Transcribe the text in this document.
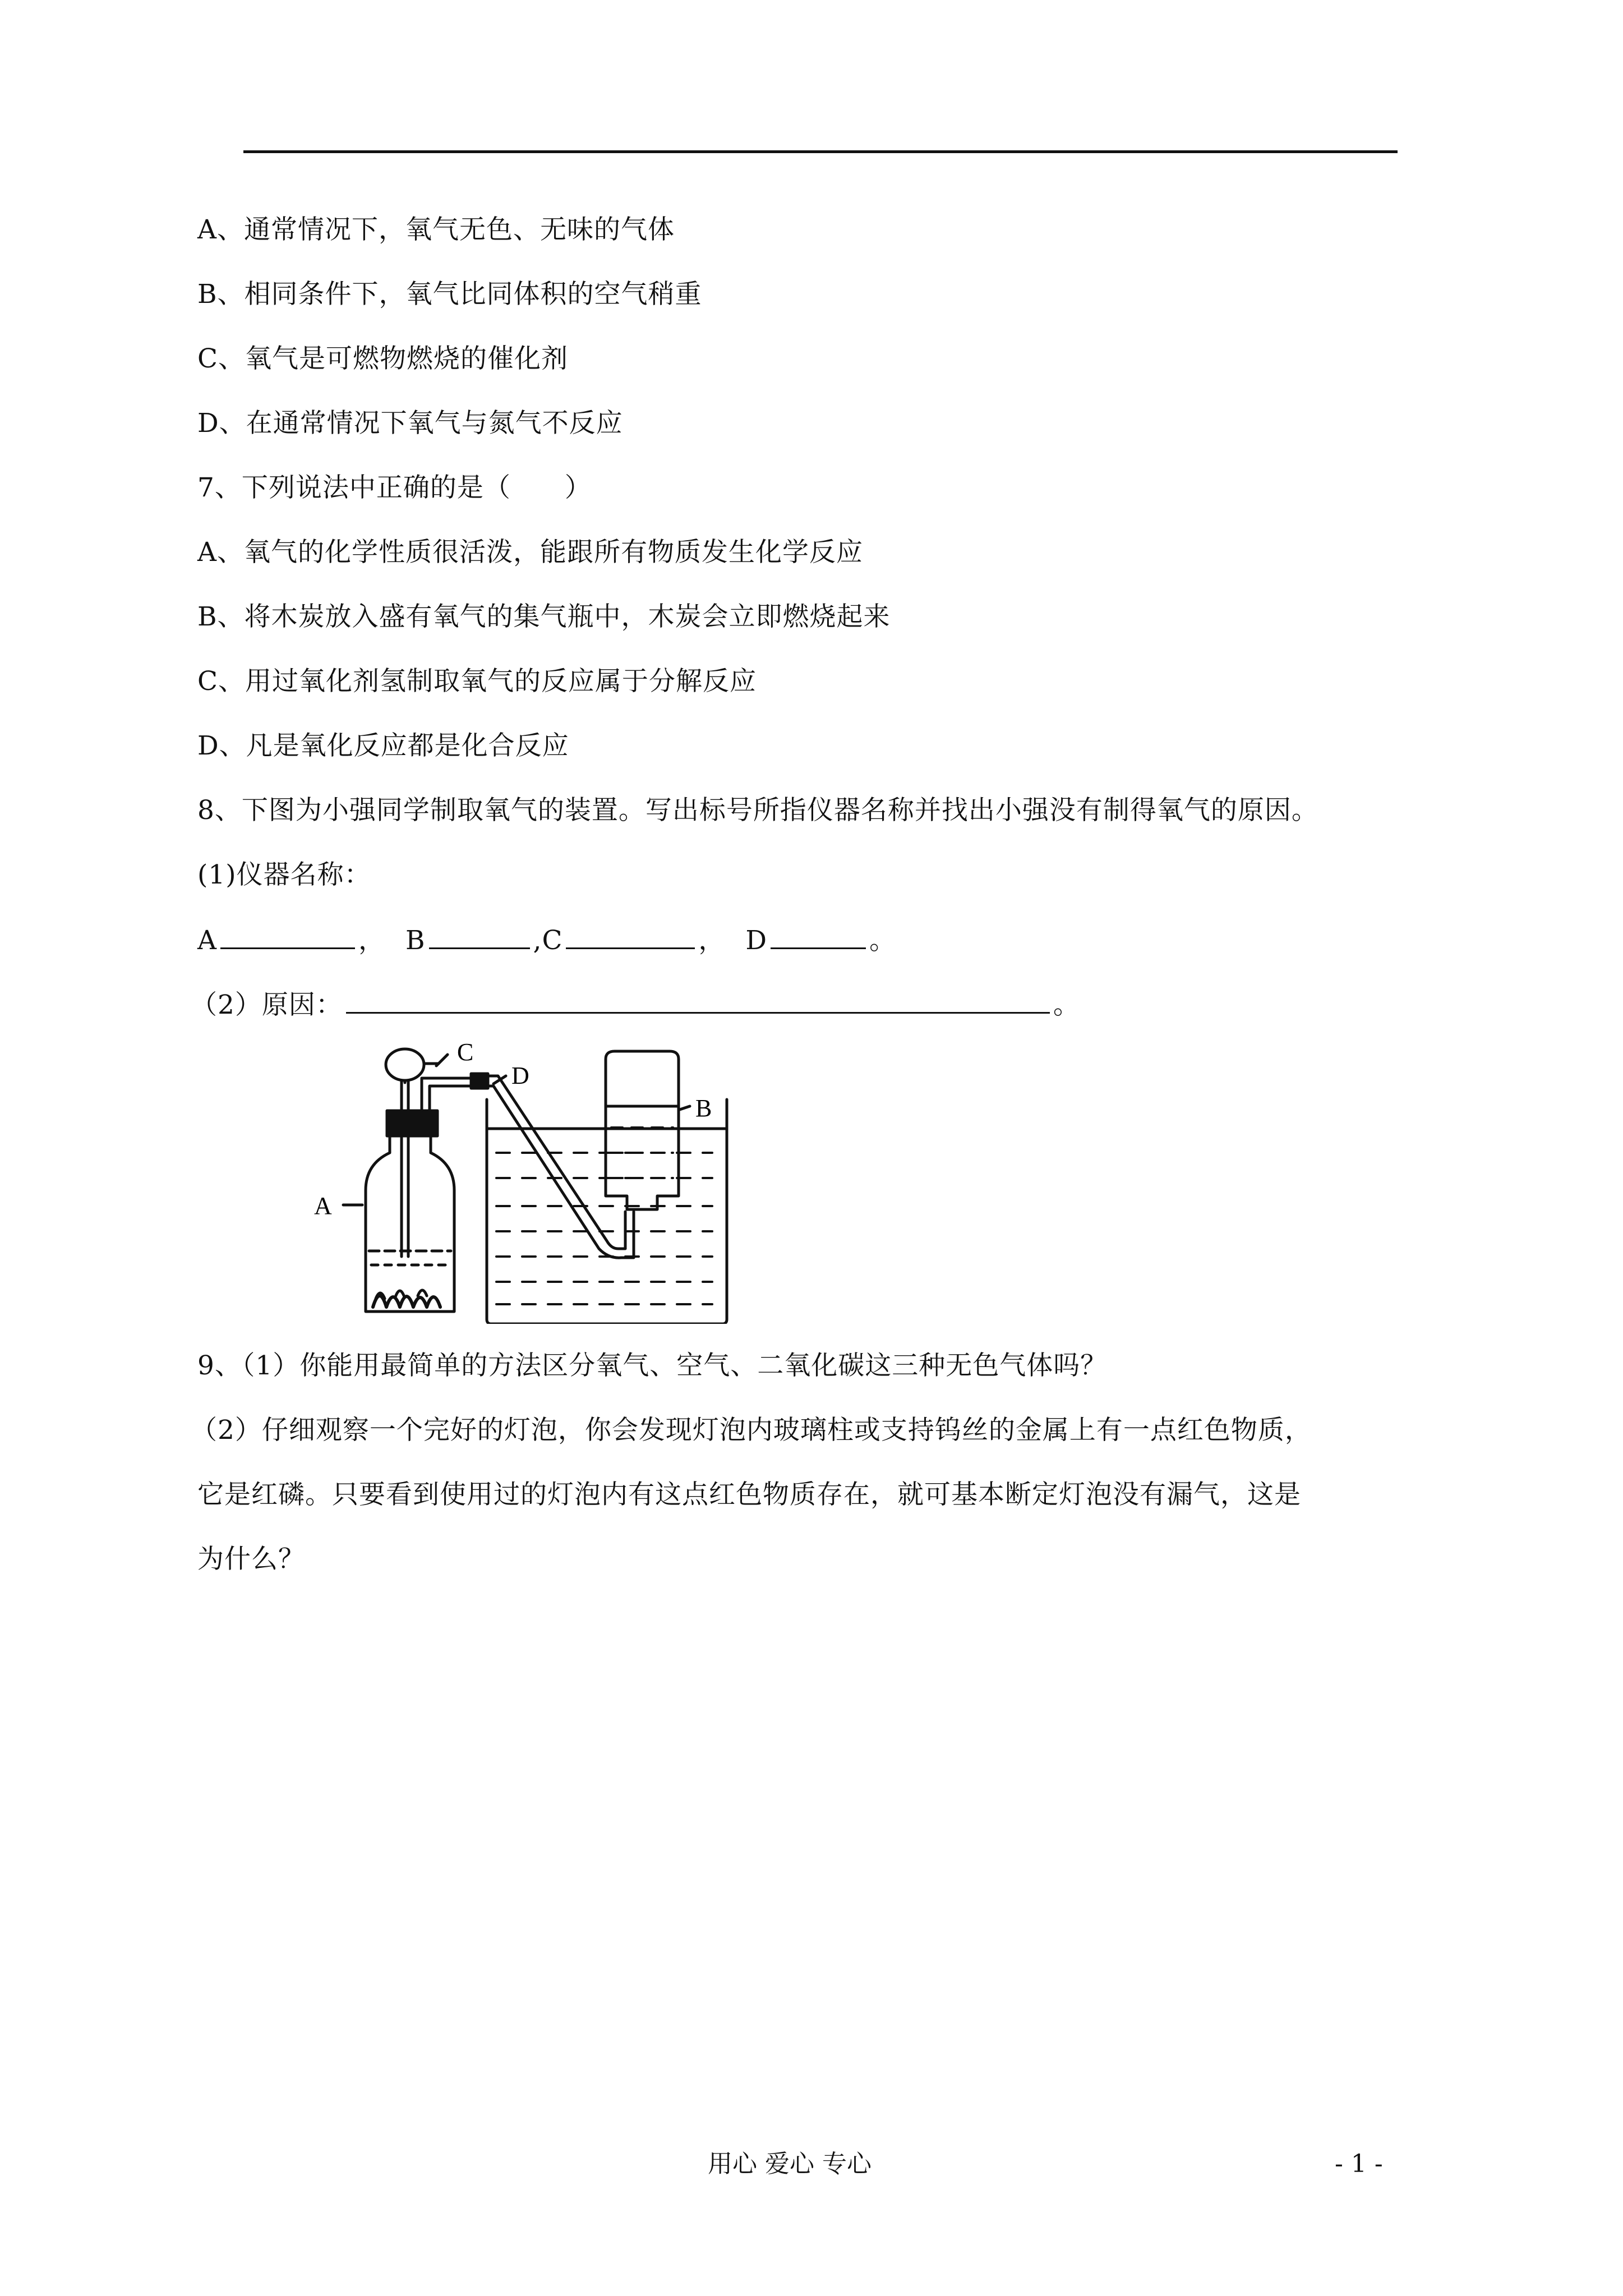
A、通常情况下，氧气无色、无味的气体
B、相同条件下，氧气比同体积的空气稍重
C、氧气是可燃物燃烧的催化剂
D、在通常情况下氧气与氮气不反应
7、下列说法中正确的是（　　）
A、氧气的化学性质很活泼，能跟所有物质发生化学反应
B、将木炭放入盛有氧气的集气瓶中，木炭会立即燃烧起来
C、用过氧化剂氢制取氧气的反应属于分解反应
D、凡是氧化反应都是化合反应
8、下图为小强同学制取氧气的装置。写出标号所指仪器名称并找出小强没有制得氧气的原因。
(1)仪器名称：
A	， B	,C	， D	。
（2）原因：	。
C
D
B
A
9、（1）你能用最简单的方法区分氧气、空气、二氧化碳这三种无色气体吗？
（2）仔细观察一个完好的灯泡，你会发现灯泡内玻璃柱或支持钨丝的金属上有一点红色物质，
它是红磷。只要看到使用过的灯泡内有这点红色物质存在，就可基本断定灯泡没有漏气，这是
为什么？
用心 爱心 专心	- 1 -
